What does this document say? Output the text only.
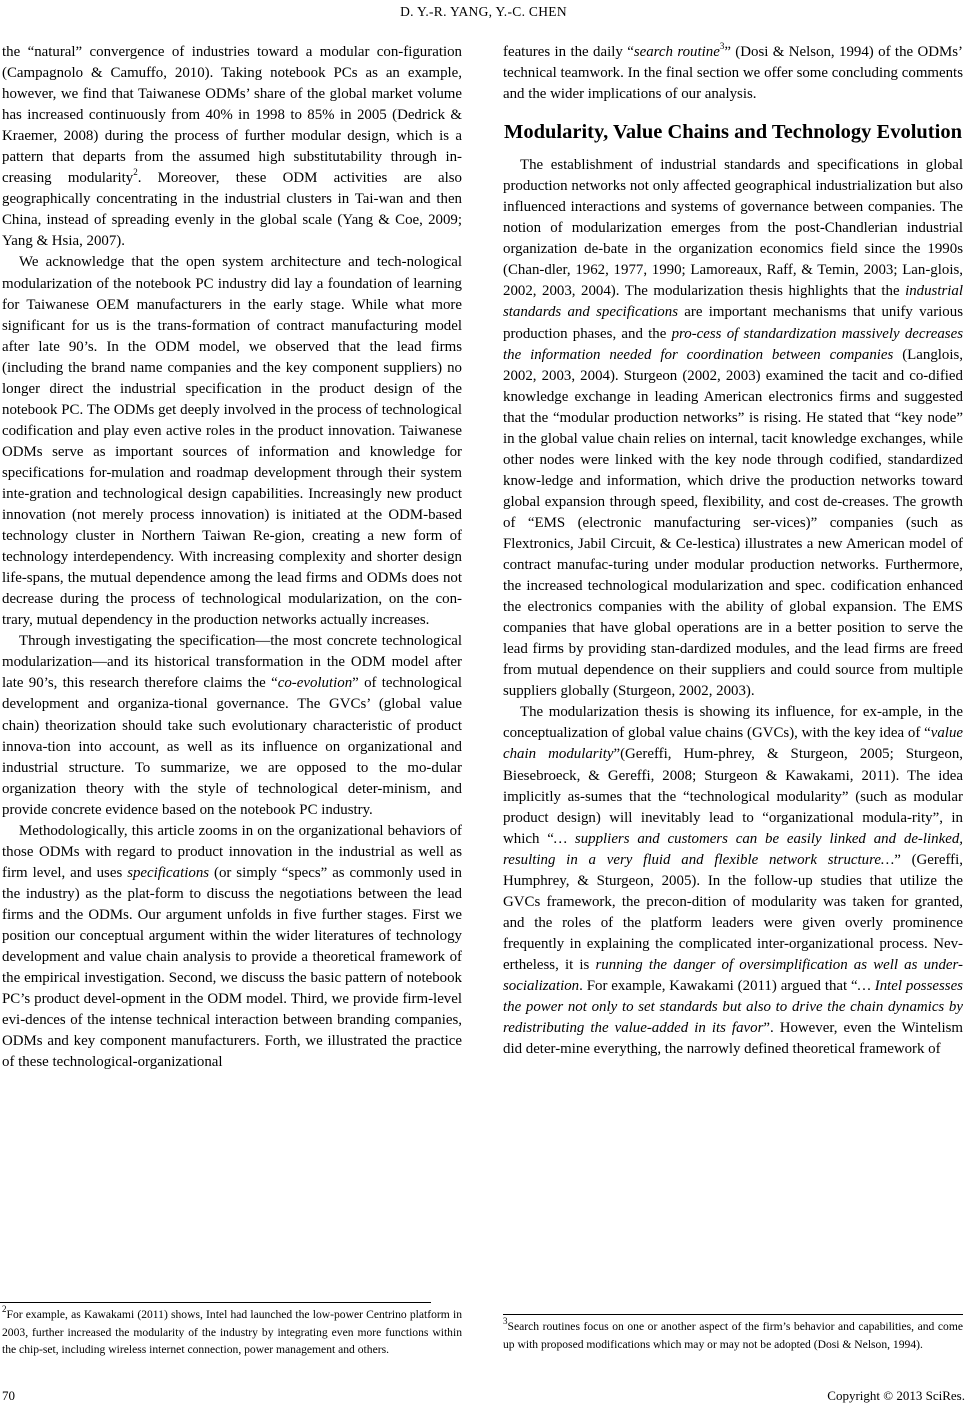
D. Y.-R. YANG, Y.-C. CHEN

the “natural” convergence of industries toward a modular con-figuration (Campagnolo & Camuffo, 2010). Taking notebook PCs as an example, however, we find that Taiwanese ODMs’ share of the global market volume has increased continuously from 40% in 1998 to 85% in 2005 (Dedrick & Kraemer, 2008) during the process of further modular design, which is a pattern that departs from the assumed high substitutability through in-creasing modularity$^2$. Moreover, these ODM activities are also geographically concentrating in the industrial clusters in Tai-wan and then China, instead of spreading evenly in the global scale (Yang & Coe, 2009; Yang & Hsia, 2007).

We acknowledge that the open system architecture and tech-nological modularization of the notebook PC industry did lay a foundation of learning for Taiwanese OEM manufacturers in the early stage. While what more significant for us is the trans-formation of contract manufacturing model after late 90’s. In the ODM model, we observed that the lead firms (including the brand name companies and the key component suppliers) no longer direct the industrial specification in the product design of the notebook PC. The ODMs get deeply involved in the process of technological codification and play even active roles in the product innovation. Taiwanese ODMs serve as important sources of information and knowledge for specifications for-mulation and roadmap development through their system inte-gration and technological design capabilities. Increasingly new product innovation (not merely process innovation) is initiated at the ODM-based technology cluster in Northern Taiwan Re-gion, creating a new form of technology interdependency. With increasing complexity and shorter design life-spans, the mutual dependence among the lead firms and ODMs does not decrease during the process of technological modularization, on the con-trary, mutual dependency in the production networks actually increases.

Through investigating the specification—the most concrete technological modularization—and its historical transformation in the ODM model after late 90’s, this research therefore claims the “co-evolution” of technological development and organiza-tional governance. The GVCs’ (global value chain) theorization should take such evolutionary characteristic of product innova-tion into account, as well as its influence on organizational and industrial structure. To summarize, we are opposed to the mo-dular organization theory with the style of technological deter-minism, and provide concrete evidence based on the notebook PC industry.

Methodologically, this article zooms in on the organizational behaviors of those ODMs with regard to product innovation in the industrial as well as firm level, and uses specifications (or simply “specs” as commonly used in the industry) as the plat-form to discuss the negotiations between the lead firms and the ODMs. Our argument unfolds in five further stages. First we position our conceptual argument within the wider literatures of technology development and value chain analysis to provide a theoretical framework of the empirical investigation. Second, we discuss the basic pattern of notebook PC’s product devel-opment in the ODM model. Third, we provide firm-level evi-dences of the intense technical interaction between branding companies, ODMs and key component manufacturers. Forth, we illustrated the practice of these technological-organizational

features in the daily “search routine$^3$” (Dosi & Nelson, 1994) of the ODMs’ technical teamwork. In the final section we offer some concluding comments and the wider implications of our analysis.

Modularity, Value Chains and Technology Evolution

The establishment of industrial standards and specifications in global production networks not only affected geographical industrialization but also influenced interactions and systems of governance between companies. The notion of modularization emerges from the post-Chandlerian industrial organization de-bate in the organization economics field since the 1990s (Chan-dler, 1962, 1977, 1990; Lamoreaux, Raff, & Temin, 2003; Lan-glois, 2002, 2003, 2004). The modularization thesis highlights that the industrial standards and specifications are important mechanisms that unify various production phases, and the pro-cess of standardization massively decreases the information needed for coordination between companies (Langlois, 2002, 2003, 2004). Sturgeon (2002, 2003) examined the tacit and co-dified knowledge exchange in leading American electronics firms and suggested that the “modular production networks” is rising. He stated that “key node” in the global value chain relies on internal, tacit knowledge exchanges, while other nodes were linked with the key node through codified, standardized know-ledge and information, which drive the production networks toward global expansion through speed, flexibility, and cost de-creases. The growth of “EMS (electronic manufacturing ser-vices)” companies (such as Flextronics, Jabil Circuit, & Ce-lestica) illustrates a new American model of contract manufac-turing under modular production networks. Furthermore, the increased technological modularization and spec. codification enhanced the electronics companies with the ability of global expansion. The EMS companies that have global operations are in a better position to serve the lead firms by providing stan-dardized modules, and the lead firms are freed from mutual dependence on their suppliers and could source from multiple suppliers globally (Sturgeon, 2002, 2003).

The modularization thesis is showing its influence, for ex-ample, in the conceptualization of global value chains (GVCs), with the key idea of “value chain modularity”(Gereffi, Hum-phrey, & Sturgeon, 2005; Sturgeon, Biesebroeck, & Gereffi, 2008; Sturgeon & Kawakami, 2011). The idea implicitly as-sumes that the “technological modularity” (such as modular product design) will inevitably lead to “organizational modula-rity”, in which “… suppliers and customers can be easily linked and de-linked, resulting in a very fluid and flexible network structure…” (Gereffi, Humphrey, & Sturgeon, 2005). In the follow-up studies that utilize the GVCs framework, the precon-dition of modularity was taken for granted, and the roles of the platform leaders were given overly prominence frequently in explaining the complicated inter-organizational process. Nev-ertheless, it is running the danger of oversimplification as well as under-socialization. For example, Kawakami (2011) argued that “… Intel possesses the power not only to set standards but also to drive the chain dynamics by redistributing the value-added in its favor”. However, even the Wintelism did deter-mine everything, the narrowly defined theoretical framework of

$^2$For example, as Kawakami (2011) shows, Intel had launched the low-power Centrino platform in 2003, further increased the modularity of the industry by integrating even more functions within the chip-set, including wireless internet connection, power management and others.
$^3$Search routines focus on one or another aspect of the firm’s behavior and capabilities, and come up with proposed modifications which may or may not be adopted (Dosi & Nelson, 1994).
70	Copyright © 2013 SciRes.
